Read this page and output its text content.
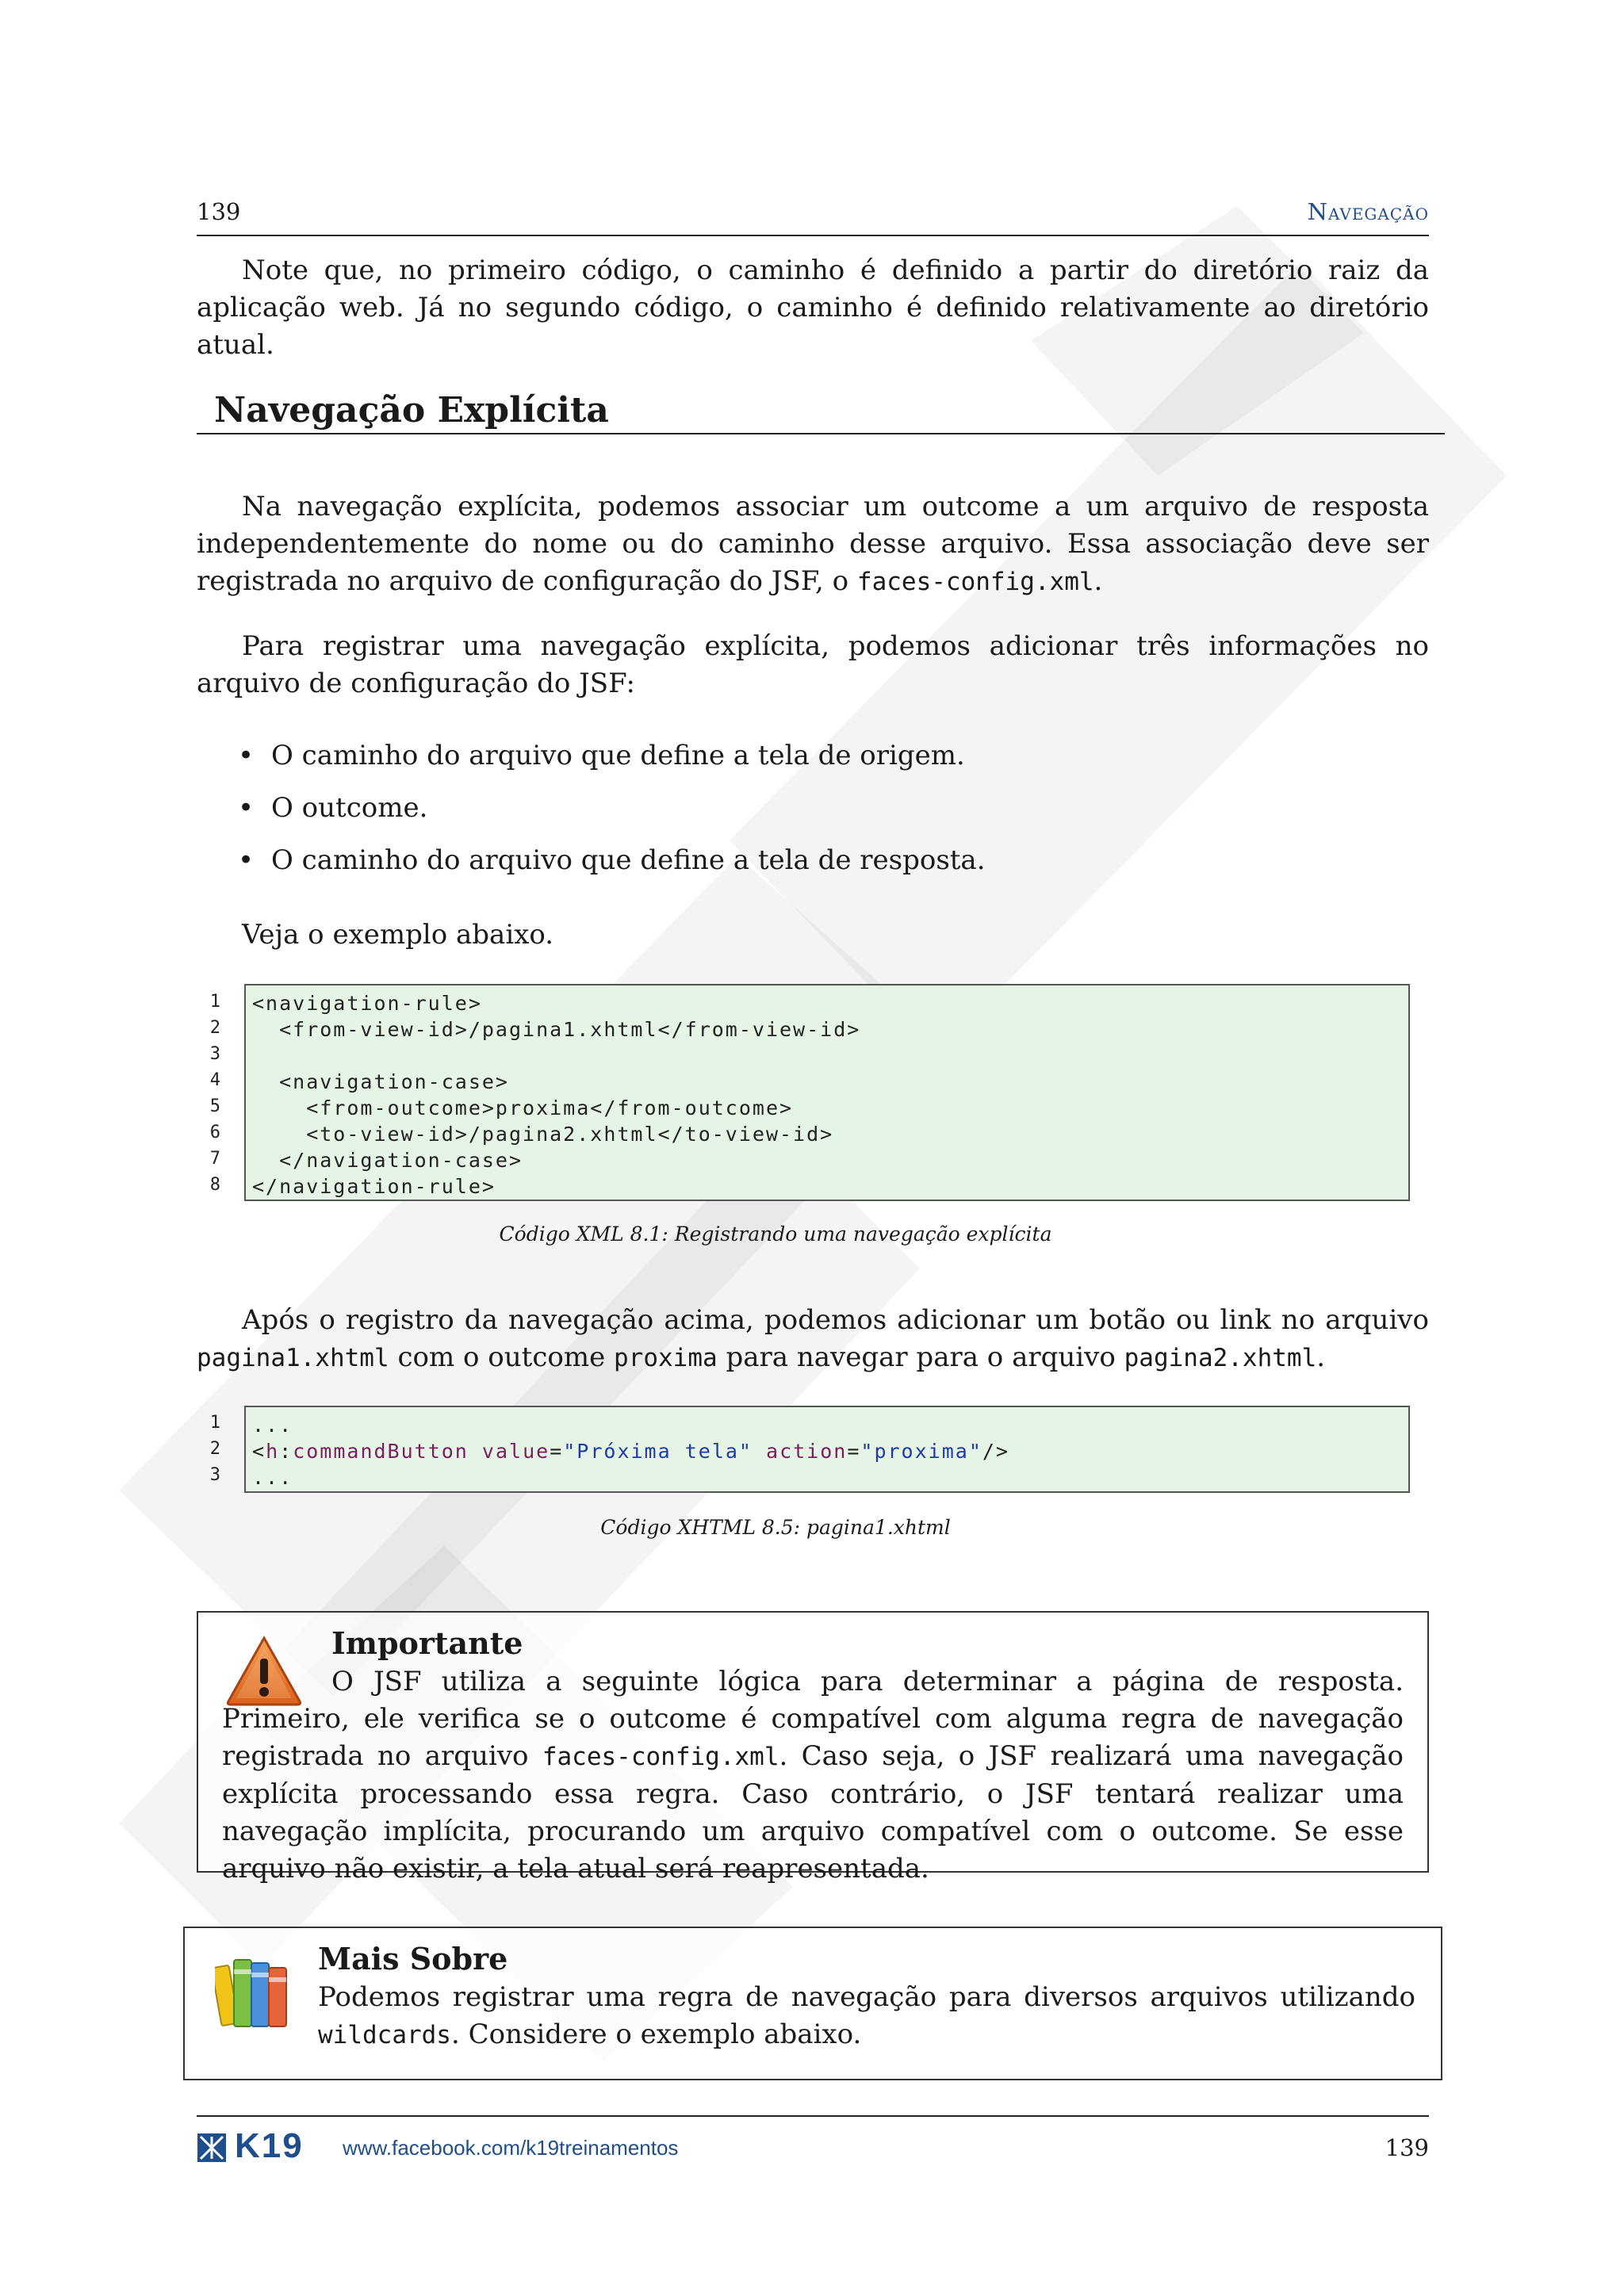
139	Navegação
Note que, no primeiro código, o caminho é definido a partir do diretório raiz da aplicação web. Já no segundo código, o caminho é definido relativamente ao diretório atual.
Navegação Explícita
Na navegação explícita, podemos associar um outcome a um arquivo de resposta independentemente do nome ou do caminho desse arquivo. Essa associação deve ser registrada no arquivo de configuração do JSF, o faces-config.xml.
Para registrar uma navegação explícita, podemos adicionar três informações no arquivo de configuração do JSF:
• O caminho do arquivo que define a tela de origem.
• O outcome.
• O caminho do arquivo que define a tela de resposta.
Veja o exemplo abaixo.
1
2
3
4
5
6
7
8
<navigation-rule>
<from-view-id>/pagina1.xhtml</from-view-id>

<navigation-case>
<from-outcome>proxima</from-outcome>
<to-view-id>/pagina2.xhtml</to-view-id>
</navigation-case>
</navigation-rule>
Código XML 8.1: Registrando uma navegação explícita
Após o registro da navegação acima, podemos adicionar um botão ou link no arquivo pagina1.xhtml com o outcome proxima para navegar para o arquivo pagina2.xhtml.
1
2
3
...
<h:commandButton value="Próxima tela" action="proxima"/>
...
Código XHTML 8.5: pagina1.xhtml
Importante
O JSF utiliza a seguinte lógica para determinar a página de resposta. Primeiro, ele verifica se o outcome é compatível com alguma regra de navegação registrada no arquivo faces-config.xml. Caso seja, o JSF realizará uma navegação explícita processando essa regra. Caso contrário, o JSF tentará realizar uma navegação implícita, procurando um arquivo compatível com o outcome. Se esse arquivo não existir, a tela atual será reapresentada.
Mais Sobre
Podemos registrar uma regra de navegação para diversos arquivos utilizando wildcards. Considere o exemplo abaixo.
K19 www.facebook.com/k19treinamentos	139
